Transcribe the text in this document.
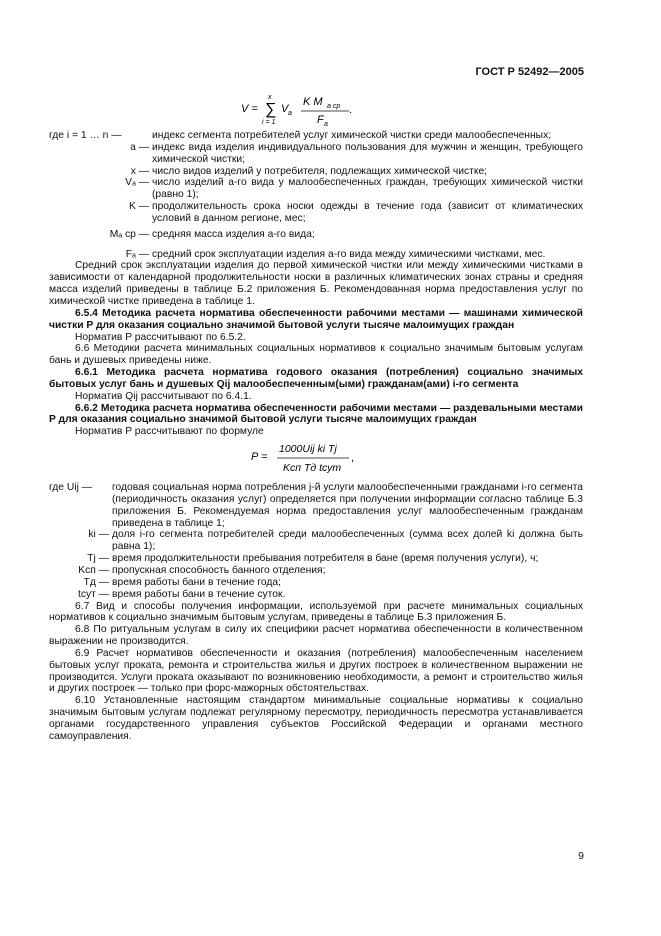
ГОСТ Р 52492—2005
V =
x
∑
i = 1
V a
K M а ср
F a
.
где i = 1 … n —	индекс сегмента потребителей услуг химической чистки среди малообеспеченных;
a — индекс вида изделия индивидуального пользования для мужчин и женщин, требующего химической чистки;
x — число видов изделий у потребителя, подлежащих химической чистке;
Vₐ — число изделий а-го вида у малообеспеченных граждан, требующих химической чистки (равно 1);
K — продолжительность срока носки одежды в течение года (зависит от климатических условий в данном регионе, мес;
Mₐ ср — средняя масса изделия а-го вида;
Fₐ — средний срок эксплуатации изделия а-го вида между химическими чистками, мес.

Средний срок эксплуатации изделия до первой химической чистки или между химическими чистками в зависимости от календарной продолжительности носки в различных климатических зонах страны и средняя масса изделий приведены в таблице Б.2 приложения Б. Рекомендованная норма предоставления услуг по химической чистке приведена в таблице 1.

6.5.4 Методика расчета норматива обеспеченности рабочими местами — машинами химической чистки P для оказания социально значимой бытовой услуги тысяче малоимущих граждан

Норматив P рассчитывают по 6.5.2.

6.6 Методики расчета минимальных социальных нормативов к социально значимым бытовым услугам бань и душевых приведены ниже.

6.6.1 Методика расчета норматива годового оказания (потребления) социально значимых бытовых услуг бань и душевых Qij малообеспеченным(ыми) гражданам(ами) i-го сегмента

Норматив Qij рассчитывают по 6.4.1.

6.6.2 Методика расчета норматива обеспеченности рабочими местами — раздевальными местами P для оказания социально значимой бытовой услуги тысяче малоимущих граждан

Норматив P рассчитывают по формуле

P =
1000Uij ki Tj
Kсп Tд tсут
,
где Uij —	годовая социальная норма потребления j-й услуги малообеспеченными гражданами i-го сегмента (периодичность оказания услуг) определяется при получении информации согласно таблице Б.3 приложения Б. Рекомендуемая норма предоставления услуг малообеспеченным гражданам приведена в таблице 1;
ki — доля i-го сегмента потребителей среди малообеспеченных (сумма всех долей ki должна быть равна 1);
Tj — время продолжительности пребывания потребителя в бане (время получения услуги), ч;
Kсп — пропускная способность банного отделения;
Tд — время работы бани в течение года;
tсут — время работы бани в течение суток.

6.7 Вид и способы получения информации, используемой при расчете минимальных социальных нормативов к социально значимым бытовым услугам, приведены в таблице Б.3 приложения Б.

6.8 По ритуальным услугам в силу их специфики расчет норматива обеспеченности в количественном выражении не производится.

6.9 Расчет нормативов обеспеченности и оказания (потребления) малообеспеченным населением бытовых услуг проката, ремонта и строительства жилья и других построек в количественном выражении не производится. Услуги проката оказывают по возникновению необходимости, а ремонт и строительство жилья и других построек — только при форс-мажорных обстоятельствах.

6.10 Установленные настоящим стандартом минимальные социальные нормативы к социально значимым бытовым услугам подлежат регулярному пересмотру, периодичность пересмотра устанавливается органами государственного управления субъектов Российской Федерации и органами местного самоуправления.

9
